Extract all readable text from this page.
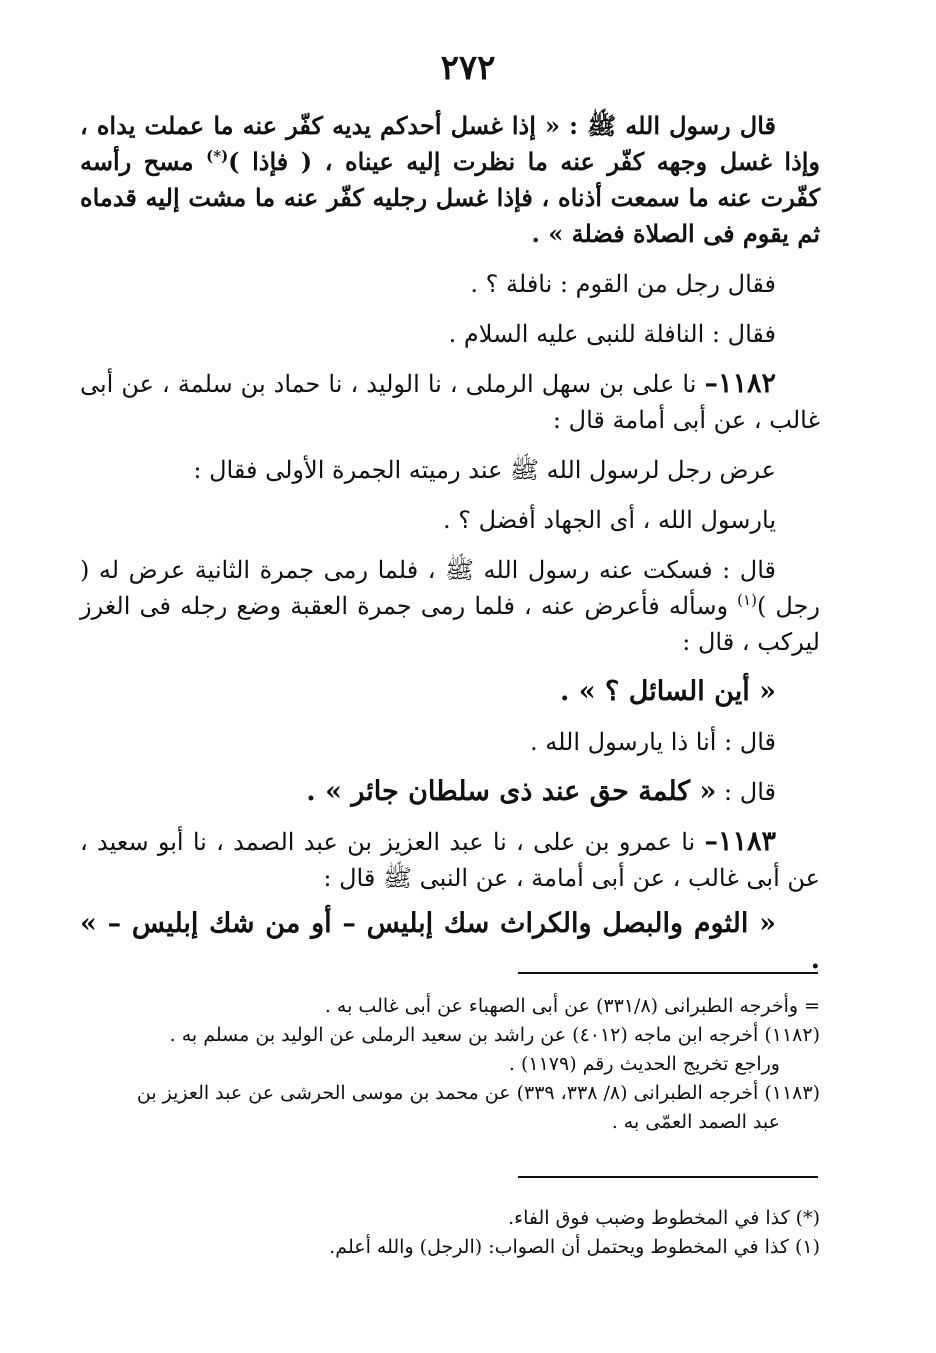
٢٧٢

قال رسول الله ﷺ : « إذا غسل أحدكم يديه كفّر عنه ما عملت يداه ، وإذا غسل وجهه كفّر عنه ما نظرت إليه عيناه ، ( فإذا )(*) مسح رأسه كفّرت عنه ما سمعت أذناه ، فإذا غسل رجليه كفّر عنه ما مشت إليه قدماه ثم يقوم فى الصلاة فضلة » .

فقال رجل من القوم : نافلة ؟ .

فقال : النافلة للنبى عليه السلام .

١١٨٢– نا على بن سهل الرملى ، نا الوليد ، نا حماد بن سلمة ، عن أبى غالب ، عن أبى أمامة قال :

عرض رجل لرسول الله ﷺ عند رميته الجمرة الأولى فقال :

يارسول الله ، أى الجهاد أفضل ؟ .

قال : فسكت عنه رسول الله ﷺ ، فلما رمى جمرة الثانية عرض له ( رجل )$^{(١)}$ وسأله فأعرض عنه ، فلما رمى جمرة العقبة وضع رجله فى الغرز ليركب ، قال :

« أين السائل ؟ » .

قال : أنا ذا يارسول الله .

قال : « كلمة حق عند ذى سلطان جائر » .

١١٨٣– نا عمرو بن على ، نا عبد العزيز بن عبد الصمد ، نا أبو سعيد ، عن أبى غالب ، عن أبى أمامة ، عن النبى ﷺ قال :

« الثوم والبصل والكراث سك إبليس – أو من شك إبليس – » .

= وأخرجه الطبرانى (٣٣١/٨) عن أبى الصهباء عن أبى غالب به .

(١١٨٢) أخرجه ابن ماجه (٤٠١٢) عن راشد بن سعيد الرملى عن الوليد بن مسلم به .

وراجع تخريج الحديث رقم (١١٧٩) .

(١١٨٣) أخرجه الطبرانى (٨/ ٣٣٨، ٣٣٩) عن محمد بن موسى الحرشى عن عبد العزيز بن

عبد الصمد العمّى به .

(*) كذا في المخطوط وضبب فوق الفاء.

(١) كذا في المخطوط ويحتمل أن الصواب: (الرجل) والله أعلم.
